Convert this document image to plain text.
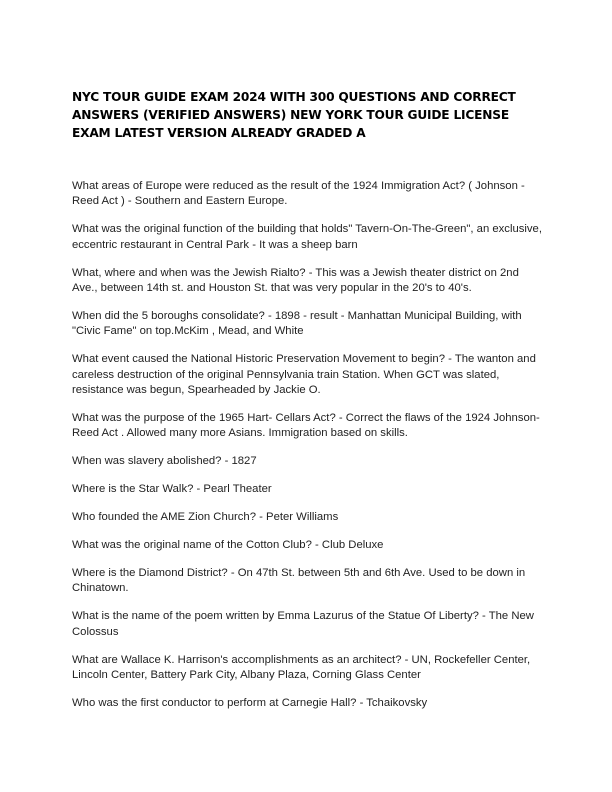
NYC TOUR GUIDE EXAM 2024 WITH 300 QUESTIONS AND CORRECT ANSWERS (VERIFIED ANSWERS) NEW YORK TOUR GUIDE LICENSE EXAM LATEST VERSION ALREADY GRADED A
What areas of Europe were reduced as the result of the 1924 Immigration Act? ( Johnson -Reed Act ) - Southern and Eastern Europe.
What was the original function of the building that holds" Tavern-On-The-Green", an exclusive, eccentric restaurant in Central Park - It was a sheep barn
What, where and when was the Jewish Rialto? - This was a Jewish theater district on 2nd Ave., between 14th st. and Houston St. that was very popular in the 20's to 40's.
When did the 5 boroughs consolidate? - 1898 - result - Manhattan Municipal Building, with "Civic Fame" on top.McKim , Mead, and White
What event caused the National Historic Preservation Movement to begin? - The wanton and careless destruction of the original Pennsylvania train Station. When GCT was slated, resistance was begun, Spearheaded by Jackie O.
What was the purpose of the 1965 Hart- Cellars Act? - Correct the flaws of the 1924 Johnson-Reed Act . Allowed many more Asians. Immigration based on skills.
When was slavery abolished? - 1827
Where is the Star Walk? - Pearl Theater
Who founded the AME Zion Church? - Peter Williams
What was the original name of the Cotton Club? - Club Deluxe
Where is the Diamond District? - On 47th St. between 5th and 6th Ave. Used to be down in Chinatown.
What is the name of the poem written by Emma Lazurus of the Statue Of Liberty? - The New Colossus
What are Wallace K. Harrison's accomplishments as an architect? - UN, Rockefeller Center, Lincoln Center, Battery Park City, Albany Plaza, Corning Glass Center
Who was the first conductor to perform at Carnegie Hall? - Tchaikovsky
